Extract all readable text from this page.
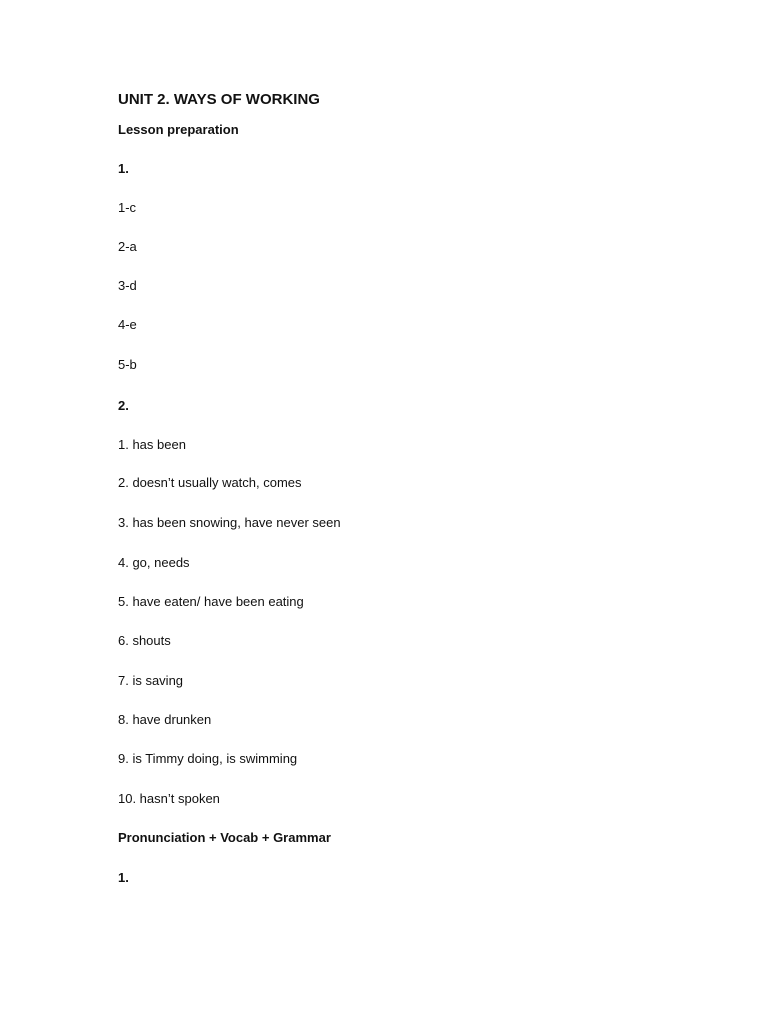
UNIT 2. WAYS OF WORKING
Lesson preparation
1.
1-c
2-a
3-d
4-e
5-b
2.
1. has been
2. doesn’t usually watch, comes
3. has been snowing, have never seen
4. go, needs
5. have eaten/ have been eating
6. shouts
7. is saving
8. have drunken
9. is Timmy doing, is swimming
10. hasn’t spoken
Pronunciation + Vocab + Grammar
1.
